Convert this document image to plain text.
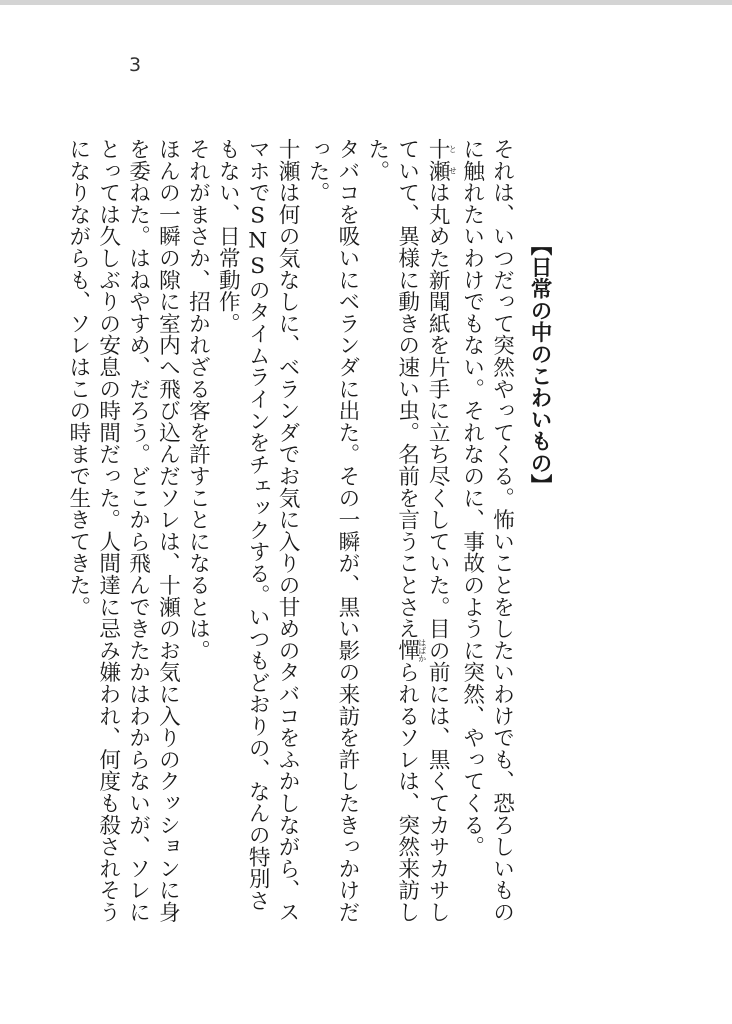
3

【日常の中のこわいもの】

それは、いつだって突然やってくる。怖いことをしたいわけでも、恐ろしいものに触れたいわけでもない。それなのに、事故のように突然、やってくる。

十瀬とせは丸めた新聞紙を片手に立ち尽くしていた。目の前には、黒くてカサカサしていて、異様に動きの速い虫。名前を言うことさえ憚はばかられるソレは、突然来訪した。

タバコを吸いにベランダに出た。その一瞬が、黒い影の来訪を許したきっかけだった。

十瀬は何の気なしに、ベランダでお気に入りの甘めのタバコをふかしながら、スマホでSNSのタイムラインをチェックする。いつもどおりの、なんの特別さもない、日常動作。

それがまさか、招かれざる客を許すことになるとは。

ほんの一瞬の隙に室内へ飛び込んだソレは、十瀬のお気に入りのクッションに身を委ねた。はねやすめ、だろう。どこから飛んできたかはわからないが、ソレにとっては久しぶりの安息の時間だった。人間達に忌み嫌われ、何度も殺されそうになりながらも、ソレはこの時まで生きてきた。
